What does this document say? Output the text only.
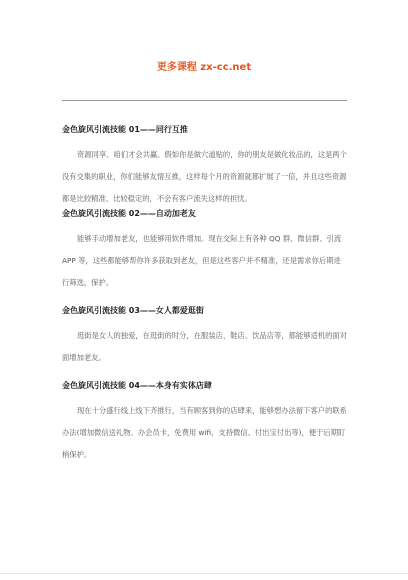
更多课程 zx-cc.net
金色旋风引流技能 01——同行互推

资源同享、咱们才会共赢。假如你是做穴道贴的，你的朋友是做化妆品的，这是两个没有交集的职业，你们能够友情互推，这样每个月的资源就都扩展了一倍，并且这些资源都是比较精准、比较稳定的，不会有客户流失这样的担忧。

金色旋风引流技能 02——自动加老友

能够手动增加老友，也能够用软件增加。现在交际上有各种 QQ 群、微信群、引流 APP 等，这些都能够帮你许多获取到老友，但是这些客户并不精准，还是需求你后期进行筛选，保护。

金色旋风引流技能 03——女人都爱逛街

逛街是女人的独爱，在逛街的时分，在服装店、鞋店、饮品店等，都能够适机的面对面增加老友。

金色旋风引流技能 04——本身有实体店肆

现在十分盛行线上线下齐推行，当有顾客到你的店肆来，能够想办法留下客户的联系办法(增加微信送礼物、办会员卡，免费用 wifi，支持微信、付出宝付出等)，便于后期盯梢保护。
